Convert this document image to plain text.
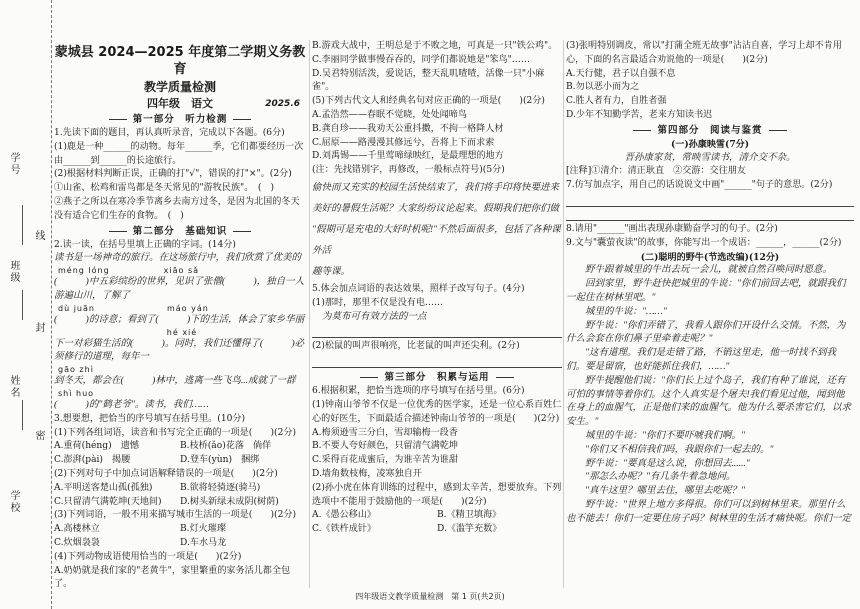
学号
线
班级
封
姓名
密
学校
蒙城县 2024—2025 年度第二学期义务教育
教学质量检测
四年级　语文	2025.6
第一部分　听力检测
1.先读下面的题目，再认真听录音，完成以下各题。(6分)
(1)鹿是一种______的动物。每年______季，它们都要经历一次由______到______的长途旅行。
(2)根据材料判断正误，正确的打"√"，错误的打"×"。(2分)
①山雀、松鸡和雷鸟都是冬天常见的"游牧民族"。　(　)
②燕子之所以在寒冷季节离乡去南方过冬，是因为北国的冬天没有适合它们生存的食物。　(　)
第二部分　基础知识
2.读一读，在括号里填上正确的字词。(14分)
读书是一场神奇的旅行。在这场旅行中，我们欣赏了优美的
méng lóng　　　　　　xiāo sǎ
(　　　)中五彩缤纷的世界，见识了张僧(　　　)，独自一人游遍山川，了解了
dù juān　　　　　　　　máo yán
(　　　)的诗意；看到了(　　　)下的生活，体会了家乡华丽
hé xié
下一对彩猫生活的(　　　)。同时，我们还懂得了(　　　)必须修行的道理，每年一
gāo zhì
到冬天，都会在(　　　)林中，逃离一些飞鸟...成就了一群
shì huo
(　　　)的"鹤老爷"。读书，我们……
3.想要想，把恰当的序号填写在括号里。(10分)
(1)下列各组词语，读音和书写完全正确的一项是(　　)(2分)
A.重荷(héng)　遗憾	B.枝桥(ǎo)花落　倘佯
C.澎湃(pài)　揭腰	D.登车(yùn)　捆绑
(2)下列对句子中加点词语解释错误的一项是(　　)(2分)
A.平明送客楚山孤(孤独)	B.欲将轻骑逐(骑马)
C.只留清气满乾坤(天地间)	D.树头新绿未成阴(树荫)
(3)下列词语，一般不用来描写城市生活的一项是(　　)(2分)
A.高楼林立	B.灯火璀璨
C.炊烟袅袅	D.车水马龙
(4)下列动物成语使用恰当的一项是(　　)(2分)
A.奶奶就是我们家的"老黄牛"，家里繁重的家务活儿都全包了。
B.游戏大战中，王明总是于不败之地，可真是一只"铁公鸡"。
C.李丽同学做事慢吞吞的，同学们都说她是"笨鸟"……
D.吴君特别活泼，爱说话，整天乱叽喳喳，活像一只"小麻雀"。
(5)下列古代文人和经典名句对应正确的一项是(　　)(2分)
A.孟浩然——春眠不觉晓，处处闻啼鸟
B.龚自珍——我劝天公重抖擞，不拘一格降人材
C.屈原——路漫漫其修远兮，吾将上下而求索
D.刘禹锡——千里莺啼绿映红，是最理想的地方
(注：先找错别字，再修改，一般标点符号)(5分)
偷快而又充实的校园生活快结束了，我们将手印将快要进来
美好的暑假生活呢？大家纷纷议论起来。假期我们把你们做
"假期可是充电的大好时机呢!"不然后面很多，包括了各种课外活
趣等课。
5.体会加点词语的表达效果，照样子改写句子。(4分)
(1)那时，那里不仅是没有电……
为莫布可有效方法的一点
(2)松鼠的叫声很响亮，比老鼠的叫声还尖利。(2分)
第三部分　积累与运用
6.根据积累，把恰当选项的序号填写在括号里。(6分)
(1)钟南山爷爷不仅是一位优秀的医学家，还是一位心系百姓仁心的好医生，下面最适合描述钟南山爷爷的一项是(　　)(2分)
A.梅须逊雪三分白，雪却输梅一段香
B.不要人夸好颜色，只留清气满乾坤
C.采得百花成蜜后，为谁辛苦为谁甜
D.墙角数枝梅，凌寒独自开
(2)孙小虎在体育训练的过程中，感到太辛苦，想要放弃。下列选项中不能用于鼓励他的一项是(　　)(2分)
A.《愚公移山》	B.《精卫填海》
C.《铁杵成针》	D.《滥竽充数》
(3)张明特别调皮，常以"打蒲全班无故事"沾沾自喜，学习上却不肯用心，下面的名言最适合劝说他的一项是(　　)(2分)
A.天行健，君子以自强不息
B.勿以恶小而为之
C.胜人者有力，自胜者强
D.少年不知勤学苦，老来方知读书迟
第四部分　阅读与鉴赏
(一)孙康映雪(7分)
晋孙康家贫，常映雪读书，清介交不杂。
[注释]①清介：清正耿直　②交游：交往朋友
7.仿写加点字，用自己的话说说文中画"______"句子的意思。(2分)
8.请用"______"画出表现孙康勤奋学习的句子。(2分)
9.文与"囊萤夜读"的故事，你能写出一个成语：______，______(2分)
(二)聪明的野牛(节选改编)(12分)
野牛跟着城里的牛出去玩一会儿，就被自然召唤同时愿意。
回到家里，野牛赶快把城里的牛说："你们前回去吧，就跟我们一起住在树林里吧。"
城里的牛说："……"
野牛说："你们弄错了，我看人跟你们开设什么交情。不然，为什么会套在你们鼻子里牵着走呢？"
"这有道理。我们是走错了路，不销这里走，他一时找不到我们。要是留宿，也好能抓住我们，……"
野牛提醒他们说："你们长上过个岛子，我们有种了谁说，还有可怕的事情等着你们。这个人真实是个屠夫!我们看见过他，闻到他在身上的血腥气，正是他们来的血腥气。他为什么要杀害它们，以求安生。"
城里的牛说："你们不要吓唬我们啊。"
"你们又不相信我们吗，我跟你们一起去的。"
野牛说："要真是这么说，你想回去......"
"那怎么办呢？"有几条牛着急地问。
"真牛这里？哪里去住，哪里去吃呢？"
野牛说："世界上地方多得很。你们可以到树林里来。那里什么也不能去！你们一定要住房子吗？树林里的生活才痛快呢。你们一定
四年级语文教学质量检测　第 1 页(共2页)
